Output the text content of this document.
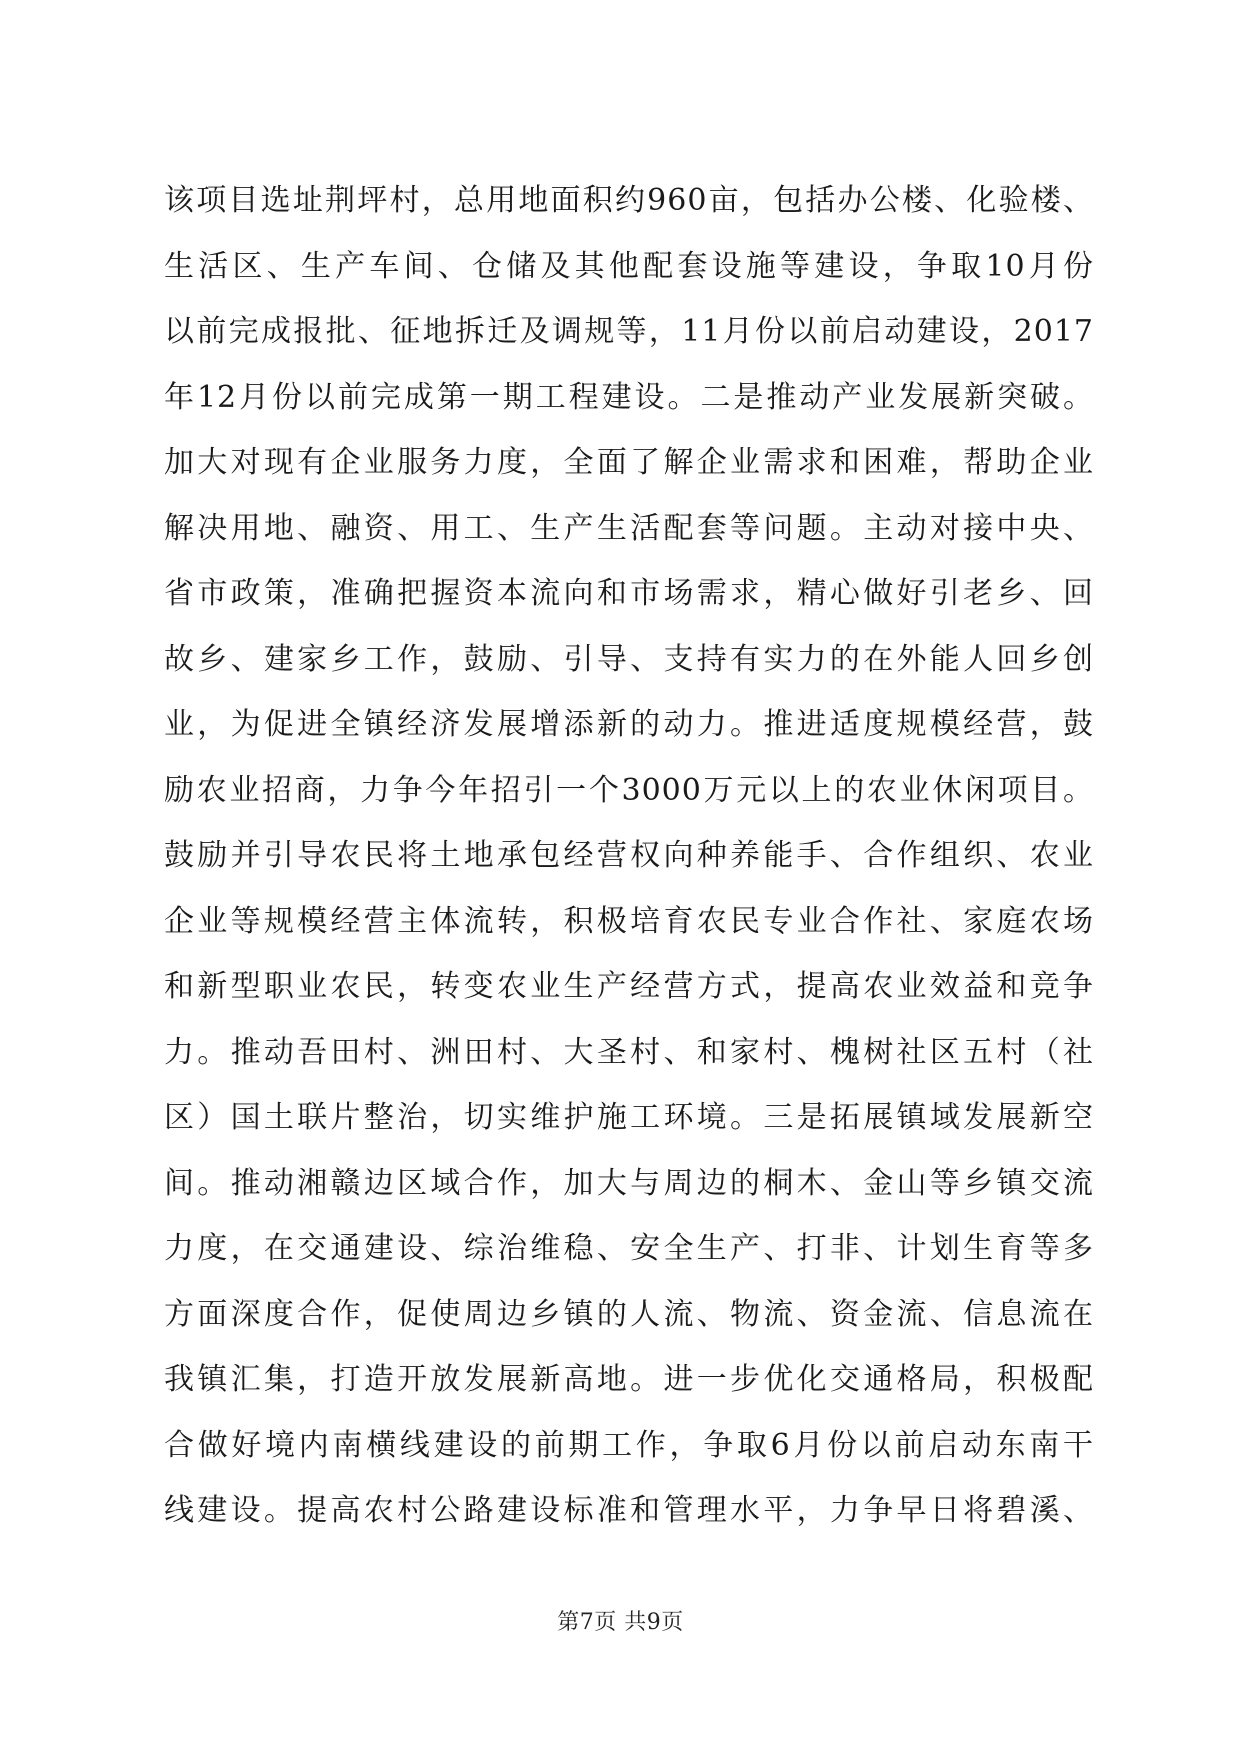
该项目选址荆坪村，总用地面积约960亩，包括办公楼、化验楼、
生活区、生产车间、仓储及其他配套设施等建设，争取10月份
以前完成报批、征地拆迁及调规等，11月份以前启动建设，2017
年12月份以前完成第一期工程建设。二是推动产业发展新突破。
加大对现有企业服务力度，全面了解企业需求和困难，帮助企业
解决用地、融资、用工、生产生活配套等问题。主动对接中央、
省市政策，准确把握资本流向和市场需求，精心做好引老乡、回
故乡、建家乡工作，鼓励、引导、支持有实力的在外能人回乡创
业，为促进全镇经济发展增添新的动力。推进适度规模经营，鼓
励农业招商，力争今年招引一个3000万元以上的农业休闲项目。
鼓励并引导农民将土地承包经营权向种养能手、合作组织、农业
企业等规模经营主体流转，积极培育农民专业合作社、家庭农场
和新型职业农民，转变农业生产经营方式，提高农业效益和竞争
力。推动吾田村、洲田村、大圣村、和家村、槐树社区五村（社
区）国土联片整治，切实维护施工环境。三是拓展镇域发展新空
间。推动湘赣边区域合作，加大与周边的桐木、金山等乡镇交流
力度，在交通建设、综治维稳、安全生产、打非、计划生育等多
方面深度合作，促使周边乡镇的人流、物流、资金流、信息流在
我镇汇集，打造开放发展新高地。进一步优化交通格局，积极配
合做好境内南横线建设的前期工作，争取6月份以前启动东南干
线建设。提高农村公路建设标准和管理水平，力争早日将碧溪、
第7页 共9页
